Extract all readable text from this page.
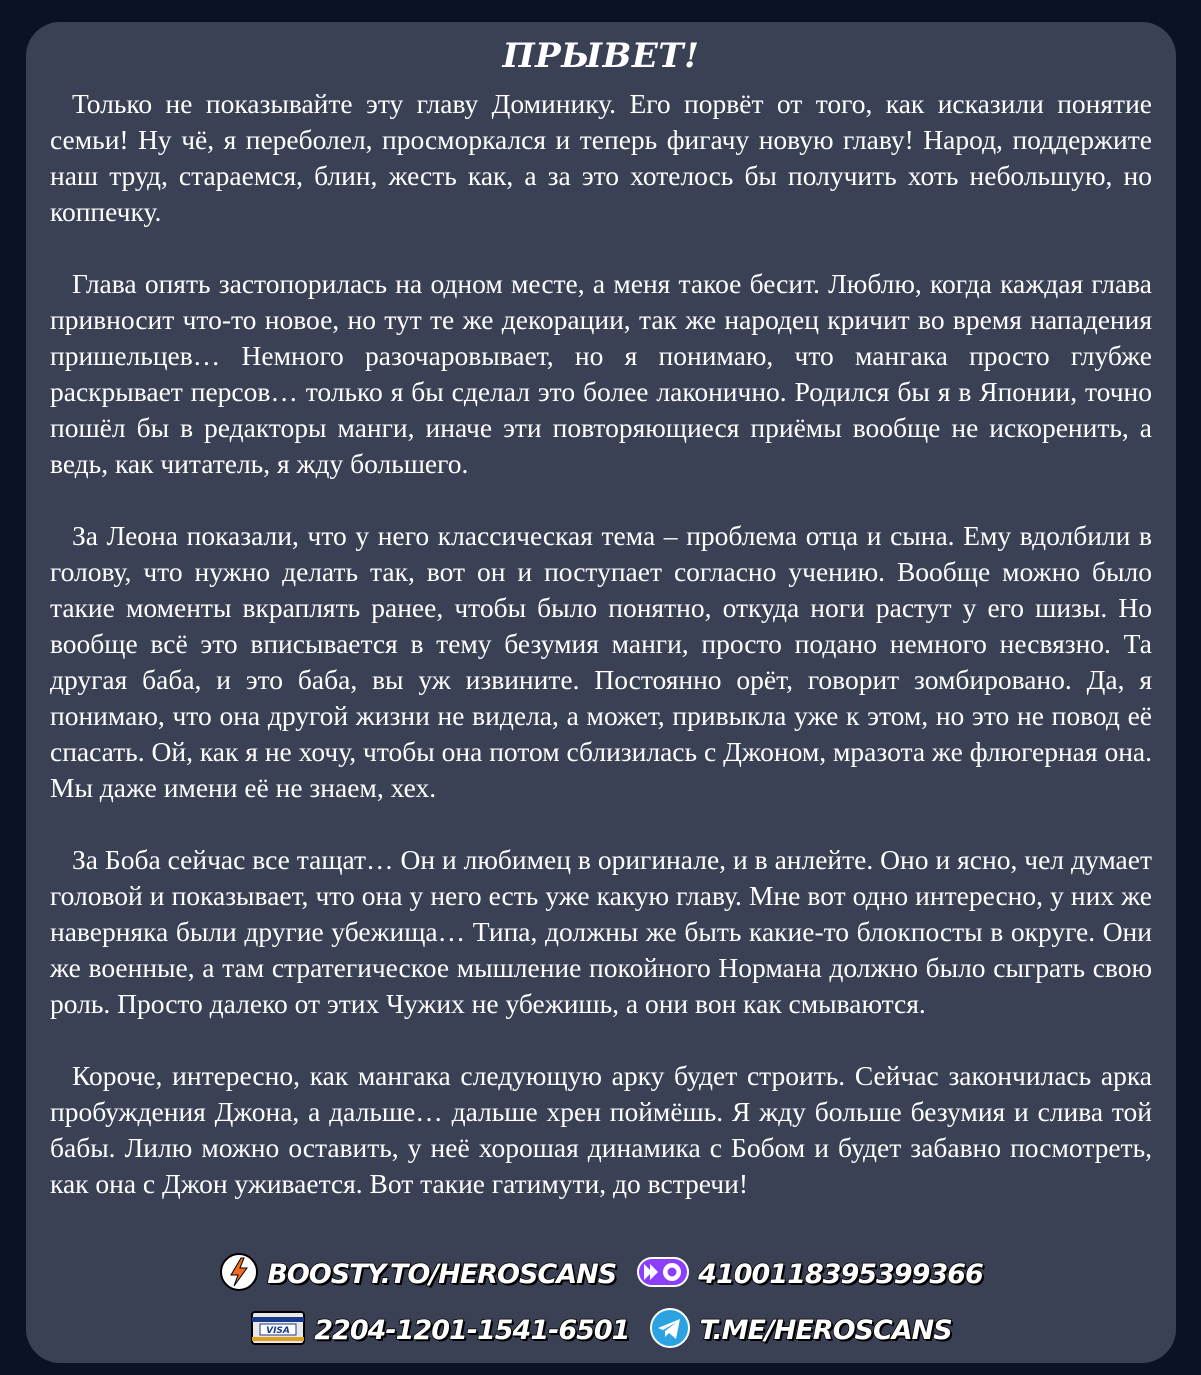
ПРЫВЕТ!

Только не показывайте эту главу Доминику. Его порвёт от того, как исказили понятие семьи! Ну чё, я переболел, просморкался и теперь фигачу новую главу! Народ, поддержите наш труд, стараемся, блин, жесть как, а за это хотелось бы получить хоть небольшую, но коппечку.

Глава опять застопорилась на одном месте, а меня такое бесит. Люблю, когда каждая глава привносит что-то новое, но тут те же декорации, так же народец кричит во время нападения пришельцев… Немного разочаровывает, но я понимаю, что мангака просто глубже раскрывает персов… только я бы сделал это более лаконично. Родился бы я в Японии, точно пошёл бы в редакторы манги, иначе эти повторяющиеся приёмы вообще не искоренить, а ведь, как читатель, я жду большего.

За Леона показали, что у него классическая тема – проблема отца и сына. Ему вдолбили в голову, что нужно делать так, вот он и поступает согласно учению. Вообще можно было такие моменты вкраплять ранее, чтобы было понятно, откуда ноги растут у его шизы. Но вообще всё это вписывается в тему безумия манги, просто подано немного несвязно. Та другая баба, и это баба, вы уж извините. Постоянно орёт, говорит зомбировано. Да, я понимаю, что она другой жизни не видела, а может, привыкла уже к этом, но это не повод её спасать. Ой, как я не хочу, чтобы она потом сблизилась с Джоном, мразота же флюгерная она. Мы даже имени её не знаем, хех.

За Боба сейчас все тащат… Он и любимец в оригинале, и в анлейте. Оно и ясно, чел думает головой и показывает, что она у него есть уже какую главу. Мне вот одно интересно, у них же наверняка были другие убежища… Типа, должны же быть какие-то блокпосты в округе. Они же военные, а там стратегическое мышление покойного Нормана должно было сыграть свою роль. Просто далеко от этих Чужих не убежишь, а они вон как смываются.

Короче, интересно, как мангака следующую арку будет строить. Сейчас закончилась арка пробуждения Джона, а дальше… дальше хрен поймёшь. Я жду больше безумия и слива той бабы. Лилю можно оставить, у неё хорошая динамика с Бобом и будет забавно посмотреть, как она с Джон уживается. Вот такие гатимути, до встречи!

BOOSTY.TO/HEROSCANS	4100118395399366
VISA 2204-1201-1541-6501	T.ME/HEROSCANS
